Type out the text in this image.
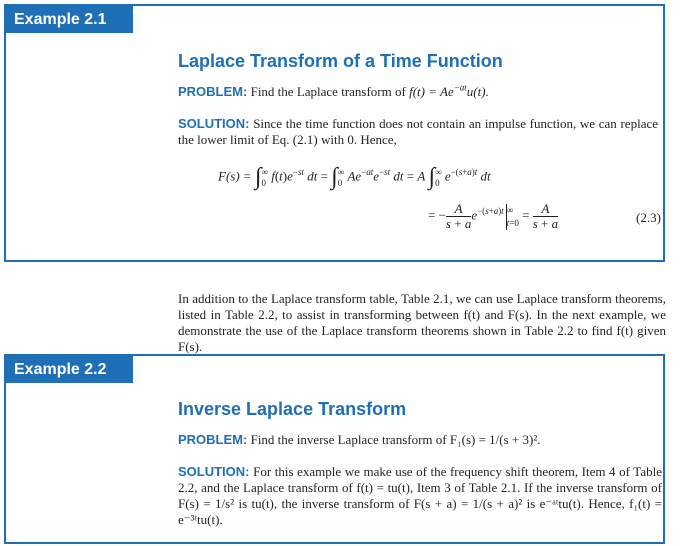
Example 2.1
Laplace Transform of a Time Function

PROBLEM: Find the Laplace transform of $f(t) = Ae^{-at}u(t)$.

SOLUTION: Since the time function does not contain an impulse function, we can replace the lower limit of Eq. (2.1) with 0. Hence,

F(s) = ∫∞
0 $f(t)e^{-st}$ dt = ∫∞
0 $Ae^{-at}e^{-st}$ dt = A ∫∞
0 $e^{-(s+a)t}$ dt
= − $\frac{A}{s + a} e^{-(s+a)t}$ ∞
$t=0 = \frac{A}{s + a}$	(2.3)

In addition to the Laplace transform table, Table 2.1, we can use Laplace transform theorems, listed in Table 2.2, to assist in transforming between f(t) and F(s). In the next example, we demonstrate the use of the Laplace transform theorems shown in Table 2.2 to find f(t) given F(s).

Example 2.2
Inverse Laplace Transform

PROBLEM: Find the inverse Laplace transform of F₁(s) = 1/(s + 3)².

SOLUTION: For this example we make use of the frequency shift theorem, Item 4 of Table 2.2, and the Laplace transform of f(t) = tu(t), Item 3 of Table 2.1. If the inverse transform of F(s) = 1/s² is tu(t), the inverse transform of F(s + a) = 1/(s + a)² is e⁻ᵃᵗtu(t). Hence, f₁(t) = e⁻³ᵗtu(t).
